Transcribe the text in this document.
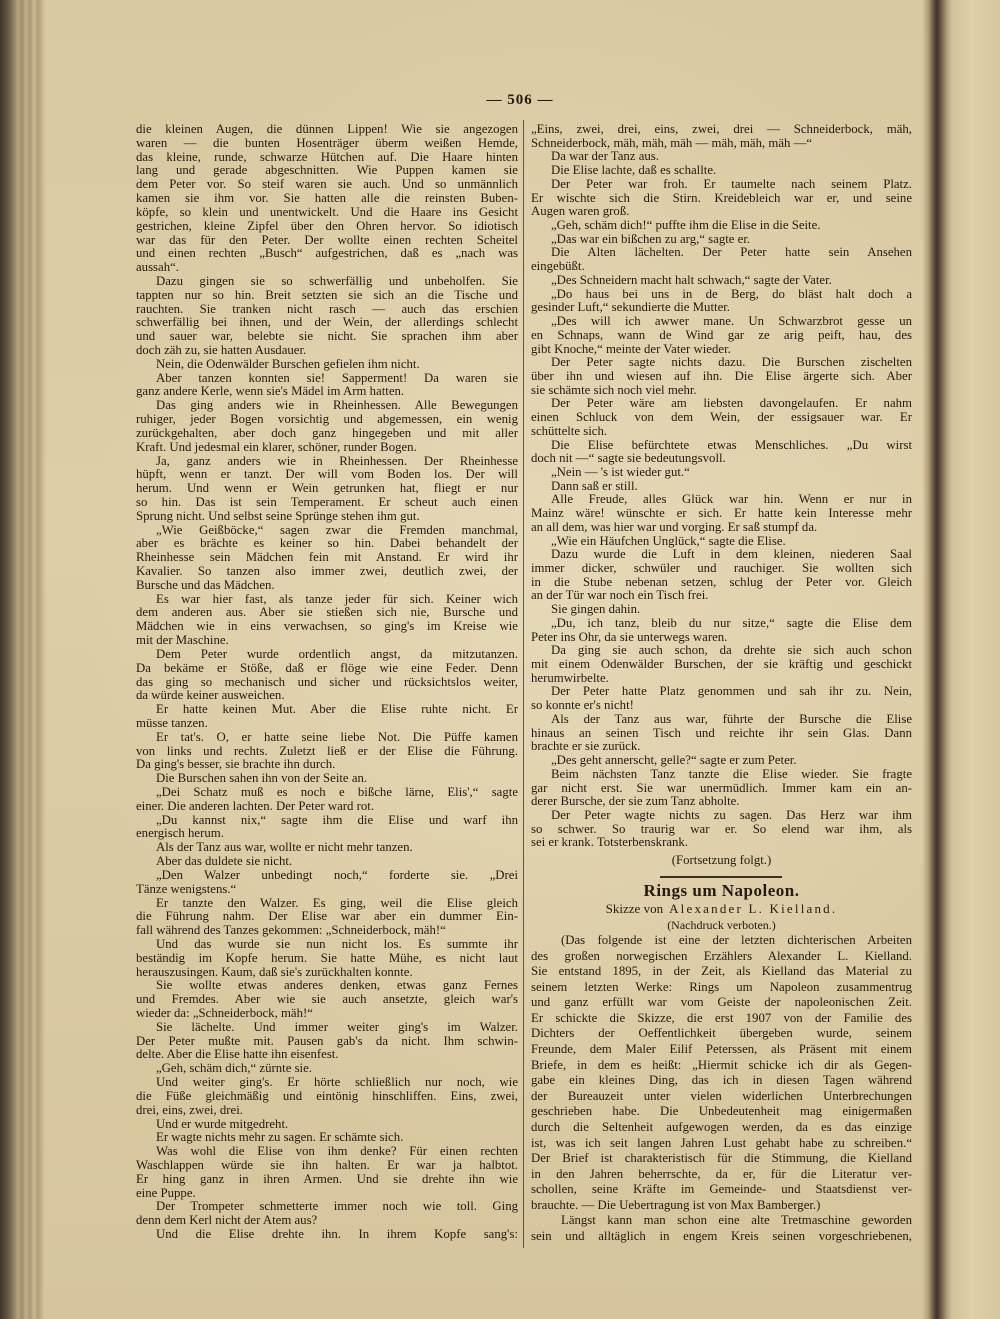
— 506 —
die kleinen Augen, die dünnen Lippen! Wie sie angezogen
waren — die bunten Hosenträger überm weißen Hemde,
das kleine, runde, schwarze Hütchen auf. Die Haare hinten
lang und gerade abgeschnitten. Wie Puppen kamen sie
dem Peter vor. So steif waren sie auch. Und so unmännlich
kamen sie ihm vor. Sie hatten alle die reinsten Buben-
köpfe, so klein und unentwickelt. Und die Haare ins Gesicht
gestrichen, kleine Zipfel über den Ohren hervor. So idiotisch
war das für den Peter. Der wollte einen rechten Scheitel
und einen rechten „Busch“ aufgestrichen, daß es „nach was
aussah“.
Dazu gingen sie so schwerfällig und unbeholfen. Sie
tappten nur so hin. Breit setzten sie sich an die Tische und
rauchten. Sie tranken nicht rasch — auch das erschien
schwerfällig bei ihnen, und der Wein, der allerdings schlecht
und sauer war, belebte sie nicht. Sie sprachen ihm aber
doch zäh zu, sie hatten Ausdauer.
Nein, die Odenwälder Burschen gefielen ihm nicht.
Aber tanzen konnten sie! Sapperment! Da waren sie
ganz andere Kerle, wenn sie's Mädel im Arm hatten.
Das ging anders wie in Rheinhessen. Alle Bewegungen
ruhiger, jeder Bogen vorsichtig und abgemessen, ein wenig
zurückgehalten, aber doch ganz hingegeben und mit aller
Kraft. Und jedesmal ein klarer, schöner, runder Bogen.
Ja, ganz anders wie in Rheinhessen. Der Rheinhesse
hüpft, wenn er tanzt. Der will vom Boden los. Der will
herum. Und wenn er Wein getrunken hat, fliegt er nur
so hin. Das ist sein Temperament. Er scheut auch einen
Sprung nicht. Und selbst seine Sprünge stehen ihm gut.
„Wie Geißböcke,“ sagen zwar die Fremden manchmal,
aber es brächte es keiner so hin. Dabei behandelt der
Rheinhesse sein Mädchen fein mit Anstand. Er wird ihr
Kavalier. So tanzen also immer zwei, deutlich zwei, der
Bursche und das Mädchen.
Es war hier fast, als tanze jeder für sich. Keiner wich
dem anderen aus. Aber sie stießen sich nie, Bursche und
Mädchen wie in eins verwachsen, so ging's im Kreise wie
mit der Maschine.
Dem Peter wurde ordentlich angst, da mitzutanzen.
Da bekäme er Stöße, daß er flöge wie eine Feder. Denn
das ging so mechanisch und sicher und rücksichtslos weiter,
da würde keiner ausweichen.
Er hatte keinen Mut. Aber die Elise ruhte nicht. Er
müsse tanzen.
Er tat's. O, er hatte seine liebe Not. Die Püffe kamen
von links und rechts. Zuletzt ließ er der Elise die Führung.
Da ging's besser, sie brachte ihn durch.
Die Burschen sahen ihn von der Seite an.
„Dei Schatz muß es noch e bißche lärne, Elis',“ sagte
einer. Die anderen lachten. Der Peter ward rot.
„Du kannst nix,“ sagte ihm die Elise und warf ihn
energisch herum.
Als der Tanz aus war, wollte er nicht mehr tanzen.
Aber das duldete sie nicht.
„Den Walzer unbedingt noch,“ forderte sie. „Drei
Tänze wenigstens.“
Er tanzte den Walzer. Es ging, weil die Elise gleich
die Führung nahm. Der Elise war aber ein dummer Ein-
fall während des Tanzes gekommen: „Schneiderbock, mäh!“
Und das wurde sie nun nicht los. Es summte ihr
beständig im Kopfe herum. Sie hatte Mühe, es nicht laut
herauszusingen. Kaum, daß sie's zurückhalten konnte.
Sie wollte etwas anderes denken, etwas ganz Fernes
und Fremdes. Aber wie sie auch ansetzte, gleich war's
wieder da: „Schneiderbock, mäh!“
Sie lächelte. Und immer weiter ging's im Walzer.
Der Peter mußte mit. Pausen gab's da nicht. Ihm schwin-
delte. Aber die Elise hatte ihn eisenfest.
„Geh, schäm dich,“ zürnte sie.
Und weiter ging's. Er hörte schließlich nur noch, wie
die Füße gleichmäßig und eintönig hinschliffen. Eins, zwei,
drei, eins, zwei, drei.
Und er wurde mitgedreht.
Er wagte nichts mehr zu sagen. Er schämte sich.
Was wohl die Elise von ihm denke? Für einen rechten
Waschlappen würde sie ihn halten. Er war ja halbtot.
Er hing ganz in ihren Armen. Und sie drehte ihn wie
eine Puppe.
Der Trompeter schmetterte immer noch wie toll. Ging
denn dem Kerl nicht der Atem aus?
Und die Elise drehte ihn. In ihrem Kopfe sang's:
„Eins, zwei, drei, eins, zwei, drei — Schneiderbock, mäh,
Schneiderbock, mäh, mäh, mäh — mäh, mäh, mäh —“
Da war der Tanz aus.
Die Elise lachte, daß es schallte.
Der Peter war froh. Er taumelte nach seinem Platz.
Er wischte sich die Stirn. Kreidebleich war er, und seine
Augen waren groß.
„Geh, schäm dich!“ puffte ihm die Elise in die Seite.
„Das war ein bißchen zu arg,“ sagte er.
Die Alten lächelten. Der Peter hatte sein Ansehen
eingebüßt.
„Des Schneidern macht halt schwach,“ sagte der Vater.
„Do haus bei uns in de Berg, do bläst halt doch a
gesinder Luft,“ sekundierte die Mutter.
„Des will ich awwer mane. Un Schwarzbrot gesse un
en Schnaps, wann de Wind gar ze arig peift, hau, des
gibt Knoche,“ meinte der Vater wieder.
Der Peter sagte nichts dazu. Die Burschen zischelten
über ihn und wiesen auf ihn. Die Elise ärgerte sich. Aber
sie schämte sich noch viel mehr.
Der Peter wäre am liebsten davongelaufen. Er nahm
einen Schluck von dem Wein, der essigsauer war. Er
schüttelte sich.
Die Elise befürchtete etwas Menschliches. „Du wirst
doch nit —“ sagte sie bedeutungsvoll.
„Nein — 's ist wieder gut.“
Dann saß er still.
Alle Freude, alles Glück war hin. Wenn er nur in
Mainz wäre! wünschte er sich. Er hatte kein Interesse mehr
an all dem, was hier war und vorging. Er saß stumpf da.
„Wie ein Häufchen Unglück,“ sagte die Elise.
Dazu wurde die Luft in dem kleinen, niederen Saal
immer dicker, schwüler und rauchiger. Sie wollten sich
in die Stube nebenan setzen, schlug der Peter vor. Gleich
an der Tür war noch ein Tisch frei.
Sie gingen dahin.
„Du, ich tanz, bleib du nur sitze,“ sagte die Elise dem
Peter ins Ohr, da sie unterwegs waren.
Da ging sie auch schon, da drehte sie sich auch schon
mit einem Odenwälder Burschen, der sie kräftig und geschickt
herumwirbelte.
Der Peter hatte Platz genommen und sah ihr zu. Nein,
so konnte er's nicht!
Als der Tanz aus war, führte der Bursche die Elise
hinaus an seinen Tisch und reichte ihr sein Glas. Dann
brachte er sie zurück.
„Des geht annerscht, gelle?“ sagte er zum Peter.
Beim nächsten Tanz tanzte die Elise wieder. Sie fragte
gar nicht erst. Sie war unermüdlich. Immer kam ein an-
derer Bursche, der sie zum Tanz abholte.
Der Peter wagte nichts zu sagen. Das Herz war ihm
so schwer. So traurig war er. So elend war ihm, als
sei er krank. Totsterbenskrank.
(Fortsetzung folgt.)
Rings um Napoleon.
Skizze von Alexander L. Kielland.
(Nachdruck verboten.)
(Das folgende ist eine der letzten dichterischen Arbeiten
des großen norwegischen Erzählers Alexander L. Kielland.
Sie entstand 1895, in der Zeit, als Kielland das Material zu
seinem letzten Werke: Rings um Napoleon zusammentrug
und ganz erfüllt war vom Geiste der napoleonischen Zeit.
Er schickte die Skizze, die erst 1907 von der Familie des
Dichters der Oeffentlichkeit übergeben wurde, seinem
Freunde, dem Maler Eilif Peterssen, als Präsent mit einem
Briefe, in dem es heißt: „Hiermit schicke ich dir als Gegen-
gabe ein kleines Ding, das ich in diesen Tagen während
der Bureauzeit unter vielen widerlichen Unterbrechungen
geschrieben habe. Die Unbedeutenheit mag einigermaßen
durch die Seltenheit aufgewogen werden, da es das einzige
ist, was ich seit langen Jahren Lust gehabt habe zu schreiben.“
Der Brief ist charakteristisch für die Stimmung, die Kielland
in den Jahren beherrschte, da er, für die Literatur ver-
schollen, seine Kräfte im Gemeinde- und Staatsdienst ver-
brauchte. — Die Uebertragung ist von Max Bamberger.)
Längst kann man schon eine alte Tretmaschine geworden
sein und alltäglich in engem Kreis seinen vorgeschriebenen,
